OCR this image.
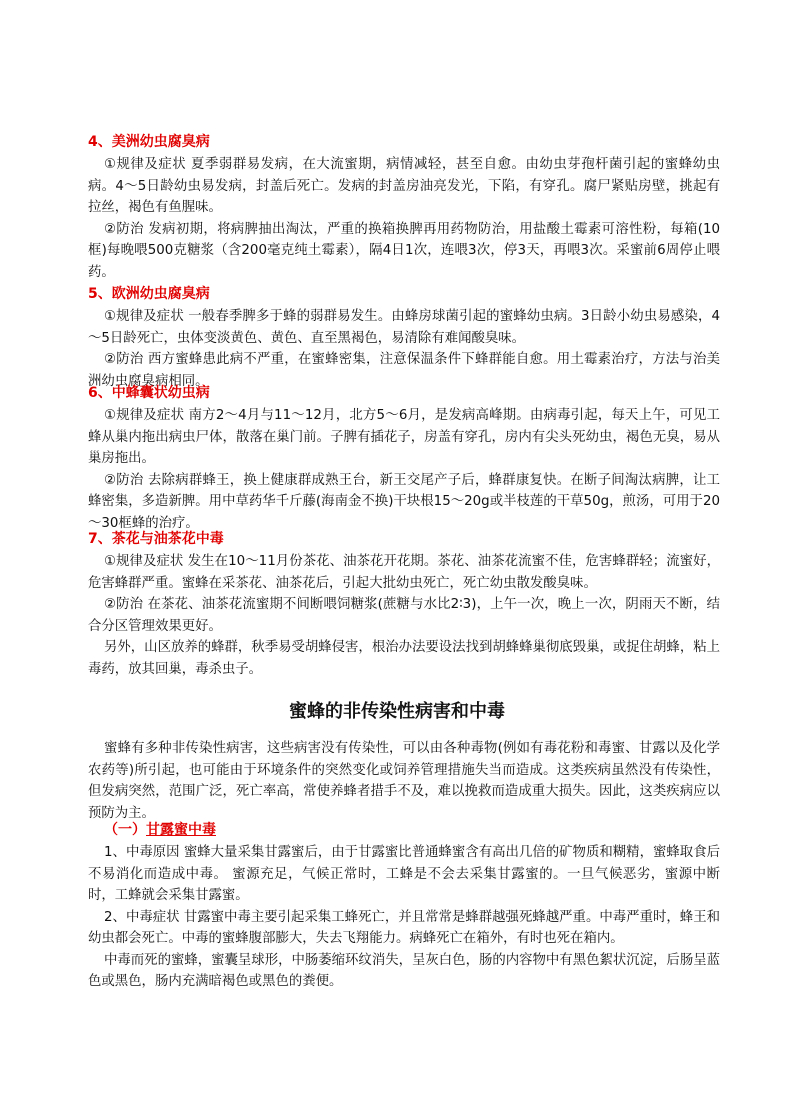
4、美洲幼虫腐臭病

①规律及症状 夏季弱群易发病，在大流蜜期，病情减轻，甚至自愈。由幼虫芽孢杆菌引起的蜜蜂幼虫病。4～5日龄幼虫易发病，封盖后死亡。发病的封盖房油亮发光，下陷，有穿孔。腐尸紧贴房壁，挑起有拉丝，褐色有鱼腥味。

②防治 发病初期，将病脾抽出淘汰，严重的换箱换脾再用药物防治，用盐酸土霉素可溶性粉，每箱(10框)每晚喂500克糖浆（含200毫克纯土霉素），隔4日1次，连喂3次，停3天，再喂3次。采蜜前6周停止喂药。

5、欧洲幼虫腐臭病

①规律及症状 一般春季脾多于蜂的弱群易发生。由蜂房球菌引起的蜜蜂幼虫病。3日龄小幼虫易感染，4～5日龄死亡，虫体变淡黄色、黄色、直至黑褐色，易清除有难闻酸臭味。

②防治 西方蜜蜂患此病不严重，在蜜蜂密集，注意保温条件下蜂群能自愈。用土霉素治疗，方法与治美洲幼虫腐臭病相同。

6、中蜂囊状幼虫病

①规律及症状 南方2～4月与11～12月，北方5～6月，是发病高峰期。由病毒引起，每天上午，可见工蜂从巢内拖出病虫尸体，散落在巢门前。子脾有插花子，房盖有穿孔，房内有尖头死幼虫，褐色无臭，易从巢房拖出。

②防治 去除病群蜂王，换上健康群成熟王台，新王交尾产子后，蜂群康复快。在断子间淘汰病脾，让工蜂密集，多造新脾。用中草药华千斤藤(海南金不换)干块根15～20g或半枝莲的干草50g，煎汤，可用于20～30框蜂的治疗。

7、茶花与油茶花中毒

①规律及症状 发生在10～11月份茶花、油茶花开花期。茶花、油茶花流蜜不佳，危害蜂群轻；流蜜好，危害蜂群严重。蜜蜂在采茶花、油茶花后，引起大批幼虫死亡，死亡幼虫散发酸臭味。

②防治 在茶花、油茶花流蜜期不间断喂饲糖浆(蔗糖与水比2∶3)，上午一次，晚上一次，阴雨天不断，结合分区管理效果更好。

另外，山区放养的蜂群，秋季易受胡蜂侵害，根治办法要设法找到胡蜂蜂巢彻底毁巢，或捉住胡蜂，粘上毒药，放其回巢，毒杀虫子。

蜜蜂的非传染性病害和中毒

蜜蜂有多种非传染性病害，这些病害没有传染性，可以由各种毒物(例如有毒花粉和毒蜜、甘露以及化学农药等)所引起，也可能由于环境条件的突然变化或饲养管理措施失当而造成。这类疾病虽然没有传染性，但发病突然，范围广泛，死亡率高，常使养蜂者措手不及，难以挽救而造成重大损失。因此，这类疾病应以预防为主。

（一）甘露蜜中毒

1、中毒原因 蜜蜂大量采集甘露蜜后，由于甘露蜜比普通蜂蜜含有高出几倍的矿物质和糊精，蜜蜂取食后不易消化而造成中毒。 蜜源充足，气候正常时，工蜂是不会去采集甘露蜜的。一旦气候恶劣，蜜源中断时，工蜂就会采集甘露蜜。

2、中毒症状 甘露蜜中毒主要引起采集工蜂死亡，并且常常是蜂群越强死蜂越严重。中毒严重时，蜂王和幼虫都会死亡。中毒的蜜蜂腹部膨大，失去飞翔能力。病蜂死亡在箱外，有时也死在箱内。

中毒而死的蜜蜂，蜜囊呈球形，中肠萎缩环纹消失，呈灰白色，肠的内容物中有黑色絮状沉淀，后肠呈蓝色或黑色，肠内充满暗褐色或黑色的粪便。
